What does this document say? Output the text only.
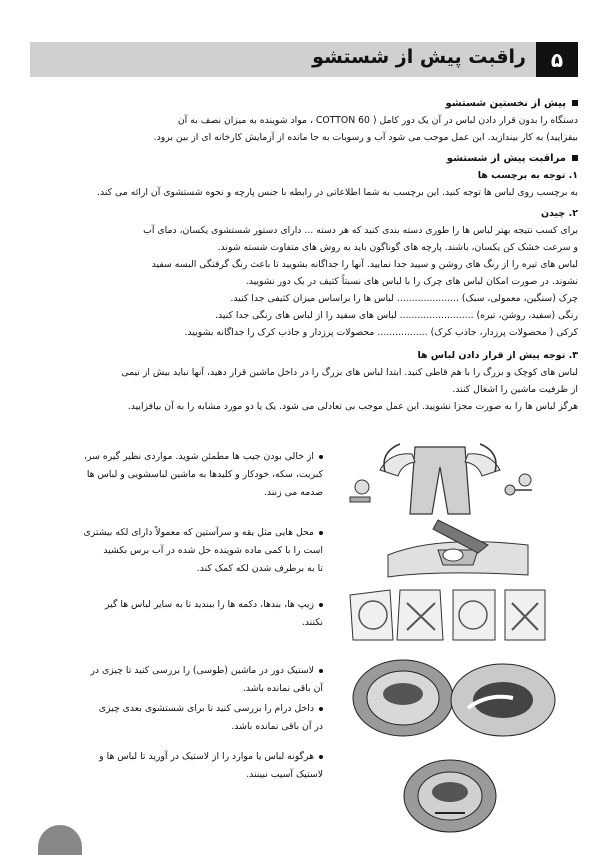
۵
راقبت پیش از شستشو
پیش از نخستین شستشو
دستگاه را بدون قرار دادن لباس در آن یک دور کامل ( COTTON 60 ، مواد شوینده به میزان نصف به آن
بیفزایید) به کار بیندازید. این عمل موجب می شود آب و رسوبات به جا مانده از آزمایش کارخانه ای از بین برود.
مراقبت پیش از شستشو
۱. توجه به برچسب ها
به برچسب روی لباس ها توجه کنید. این برچسب به شما اطلاعاتی در رابطه با جنس پارچه و نحوه شستشوی آن ارائه می کند.
۲. چیدن
برای کسب نتیجه بهتر لباس ها را طوری دسته بندی کنید که هر دسته ... دارای دستور شستشوی یکسان، دمای آب
و سرعت خشک کن یکسان، باشند. پارچه های گوناگون باید به روش های متفاوت شسته شوند.
لباس های تیره را از رنگ های روشن و سپید جدا نمایید. آنها را جداگانه بشویید تا باعث رنگ گرفتگی البسه سفید
نشوند. در صورت امکان لباس های چرک را با لباس های نسبتاً کثیف در یک دور نشویید.
چرک (سنگین، معمولی، سبک) ..................... لباس ها را براساس میزان کثیفی جدا کنید.
رنگی (سفید، روشن، تیره) ......................... لباس های سفید را از لباس های رنگی جدا کنید.
کرکی ( محصولات پرزدار، جاذب کرک) ................. محصولات پرزدار و جاذب کرک را جداگانه بشویید.
۳. توجه پیش از قرار دادن لباس ها
لباس های کوچک و بزرگ را با هم قاطی کنید. ابتدا لباس های بزرگ را در داخل ماشین قرار دهید، آنها نباید بیش از نیمی
از ظرفیت ماشین را اشغال کنند.
هرگز لباس ها را به صورت مجزا نشویید. این عمل موجب بی تعادلی می شود. یک یا دو مورد مشابه را به آن بیافزایید.
از خالی بودن جیب ها مطمئن شوید. مواردی نظیر گیره سر،
کبریت، سکه، خودکار و کلیدها به ماشین لباسشویی و لباس ها
صدمه می زنند.
محل هایی مثل یقه و سرآستین که معمولاً دارای لکه بیشتری
است را با کمی ماده شوینده حل شده در آب برس بکشید
تا به برطرف شدن لکه کمک کند.
زیپ ها، بندها، دکمه ها را ببندید تا به سایر لباس ها گیر
نکنند.
لاستیک دور در ماشین (طوسی) را بررسی کنید تا چیزی در
آن باقی نمانده باشد.
داخل درام را بررسی کنید تا برای شستشوی بعدی چیزی
در آن باقی نمانده باشد.
هرگونه لباس یا موارد را از لاستیک در آورید تا لباس ها و
لاستیک آسیب نبینند.
